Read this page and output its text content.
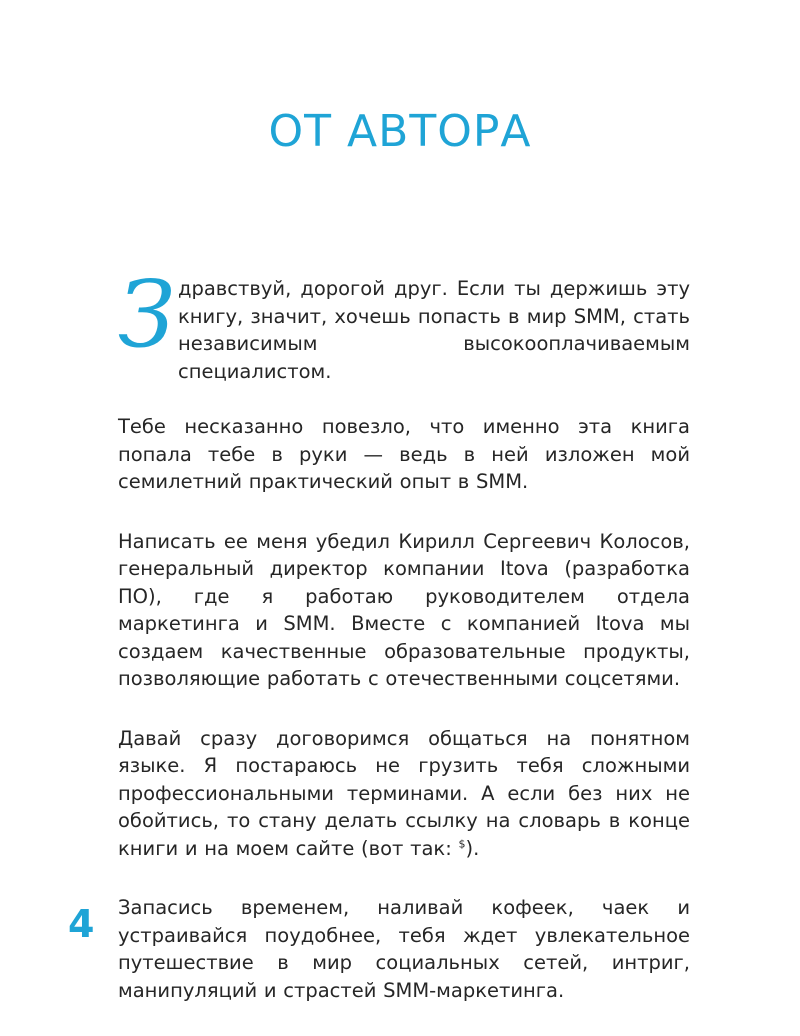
ОТ АВТОРА

З дравствуй, дорогой друг. Если ты держишь эту книгу, значит, хочешь попасть в мир SMM, стать независимым высокооплачиваемым специалистом.

Тебе несказанно повезло, что именно эта книга попала тебе в руки — ведь в ней изложен мой семилетний практический опыт в SMM.

Написать ее меня убедил Кирилл Сергеевич Колосов, генеральный директор компании Itova (разработка ПО), где я работаю руководителем отдела маркетинга и SMM. Вместе с компанией Itova мы создаем качественные образовательные продукты, позволяющие работать с отечественными соцсетями.

Давай сразу договоримся общаться на понятном языке. Я постараюсь не грузить тебя сложными профессиональными терминами. А если без них не обойтись, то стану делать ссылку на словарь в конце книги и на моем сайте (вот так: $).

Запасись временем, наливай кофеек, чаек и устраивайся поудобнее, тебя ждет увлекательное путешествие в мир социальных сетей, интриг, манипуляций и страстей SMM-маркетинга.

4
